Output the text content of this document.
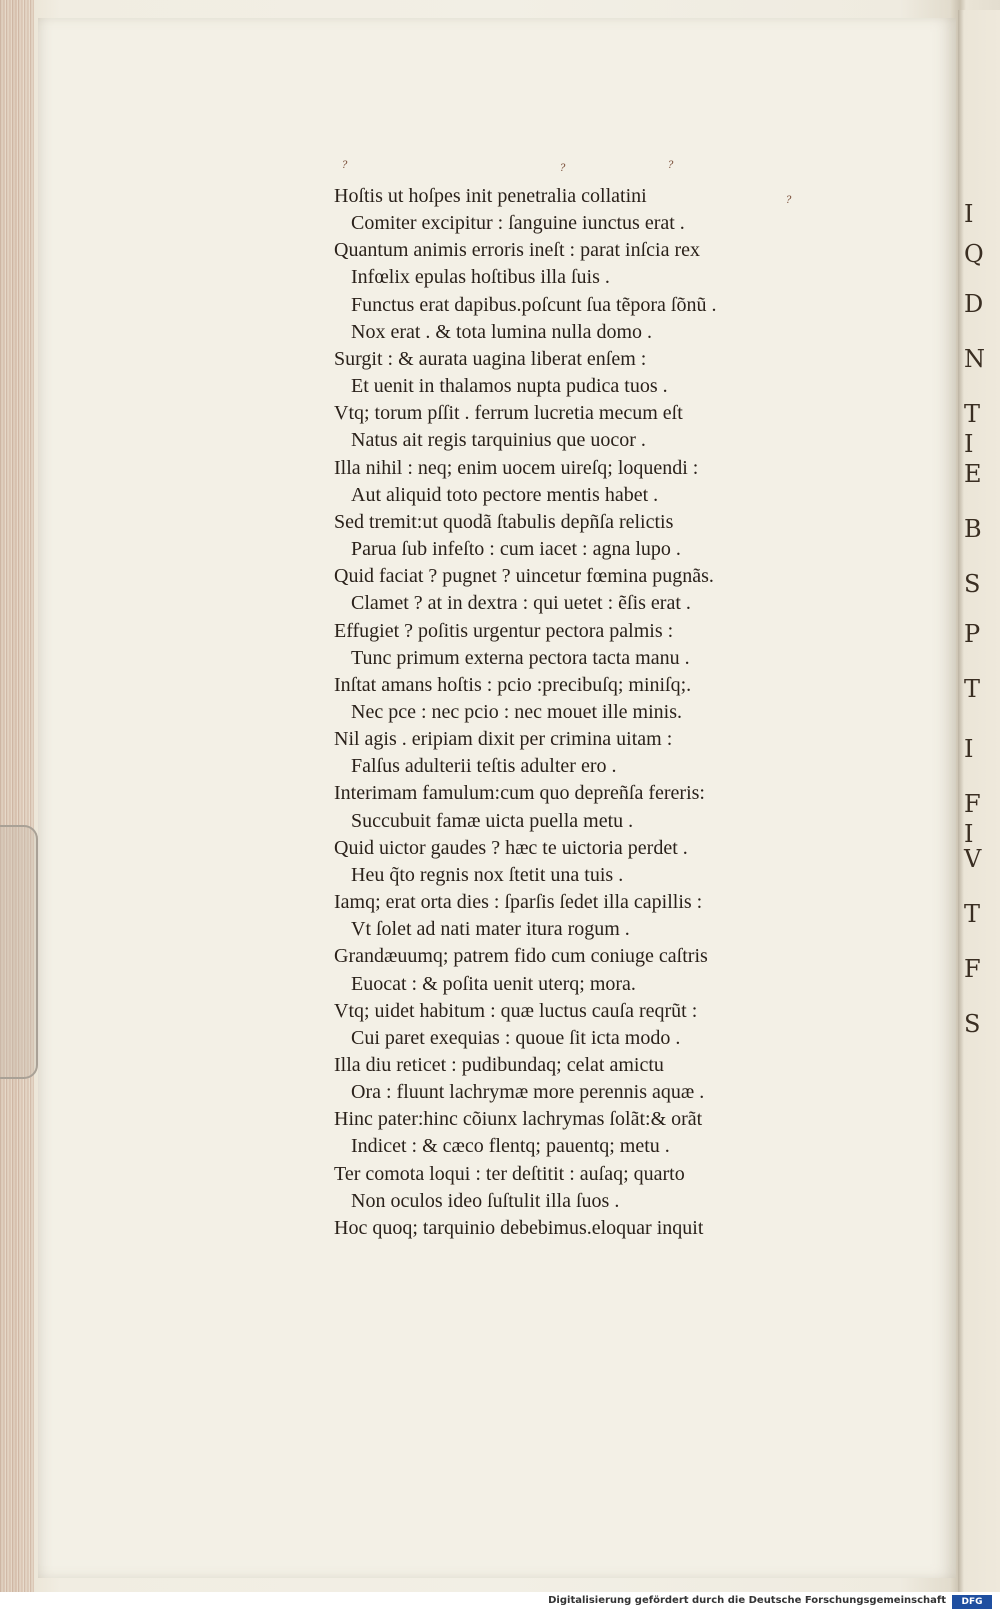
I
Q
D
N
T
I
E
B
S
P
T
I
F
I
V
T
F
S
?	?	?
?
Hoſtis ut hoſpes init penetralia collatini
Comiter excipitur : ſanguine iunctus erat .
Quantum animis erroris ineſt : parat inſcia rex
Infœlix epulas hoſtibus illa ſuis .
Functus erat dapibus.poſcunt ſua tẽpora ſõnũ .
Nox erat . & tota lumina nulla domo .
Surgit : & aurata uagina liberat enſem :
Et uenit in thalamos nupta pudica tuos .
Vtq; torum pſſit . ferrum lucretia mecum eſt
Natus ait regis tarquinius que uocor .
Illa nihil : neq; enim uocem uireſq; loquendi :
Aut aliquid toto pectore mentis habet .
Sed tremit:ut quodã ſtabulis depñſa relictis
Parua ſub infeſto : cum iacet : agna lupo .
Quid faciat ? pugnet ? uincetur fœmina pugnãs.
Clamet ? at in dextra : qui uetet : ẽſis erat .
Effugiet ? poſitis urgentur pectora palmis :
Tunc primum externa pectora tacta manu .
Inſtat amans hoſtis : pcio :precibuſq; miniſq;.
Nec pce : nec pcio : nec mouet ille minis.
Nil agis . eripiam dixit per crimina uitam :
Falſus adulterii teſtis adulter ero .
Interimam famulum:cum quo depreñſa fereris:
Succubuit famæ uicta puella metu .
Quid uictor gaudes ? hæc te uictoria perdet .
Heu q̃to regnis nox ſtetit una tuis .
Iamq; erat orta dies : ſparſis ſedet illa capillis :
Vt ſolet ad nati mater itura rogum .
Grandæuumq; patrem fido cum coniuge caſtris
Euocat : & poſita uenit uterq; mora.
Vtq; uidet habitum : quæ luctus cauſa reqrũt :
Cui paret exequias : quoue ſit icta modo .
Illa diu reticet : pudibundaq; celat amictu
Ora : fluunt lachrymæ more perennis aquæ .
Hinc pater:hinc cõiunx lachrymas ſolãt:& orãt
Indicet : & cæco flentq; pauentq; metu .
Ter comota loqui : ter deſtitit : auſaq; quarto
Non oculos ideo ſuſtulit illa ſuos .
Hoc quoq; tarquinio debebimus.eloquar inquit
Digitalisierung gefördert durch die Deutsche Forschungsgemeinschaft	DFG
